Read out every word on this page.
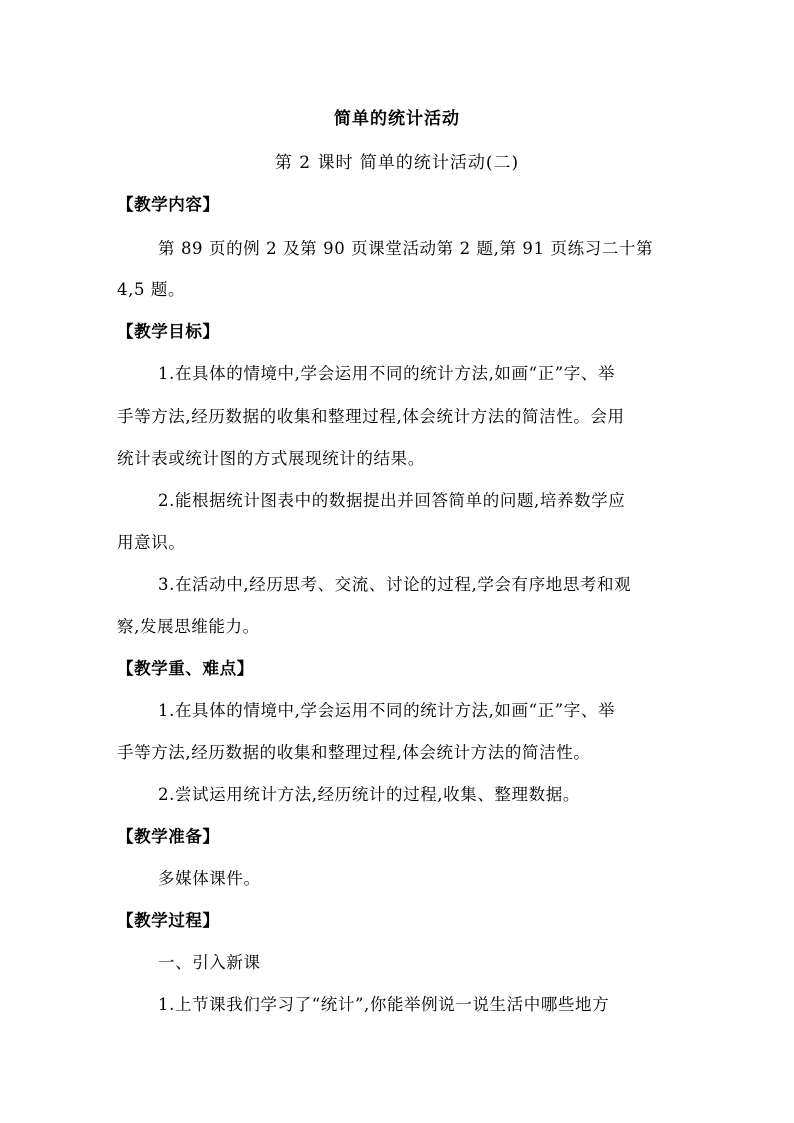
简单的统计活动
第 2 课时 简单的统计活动(二)
【教学内容】
第 89 页的例 2 及第 90 页课堂活动第 2 题,第 91 页练习二十第
4,5 题。
【教学目标】
1.在具体的情境中,学会运用不同的统计方法,如画“正”字、举
手等方法,经历数据的收集和整理过程,体会统计方法的简洁性。会用
统计表或统计图的方式展现统计的结果。
2.能根据统计图表中的数据提出并回答简单的问题,培养数学应
用意识。
3.在活动中,经历思考、交流、讨论的过程,学会有序地思考和观
察,发展思维能力。
【教学重、难点】
1.在具体的情境中,学会运用不同的统计方法,如画“正”字、举
手等方法,经历数据的收集和整理过程,体会统计方法的简洁性。
2.尝试运用统计方法,经历统计的过程,收集、整理数据。
【教学准备】
多媒体课件。
【教学过程】
一、引入新课
1.上节课我们学习了“统计”,你能举例说一说生活中哪些地方
